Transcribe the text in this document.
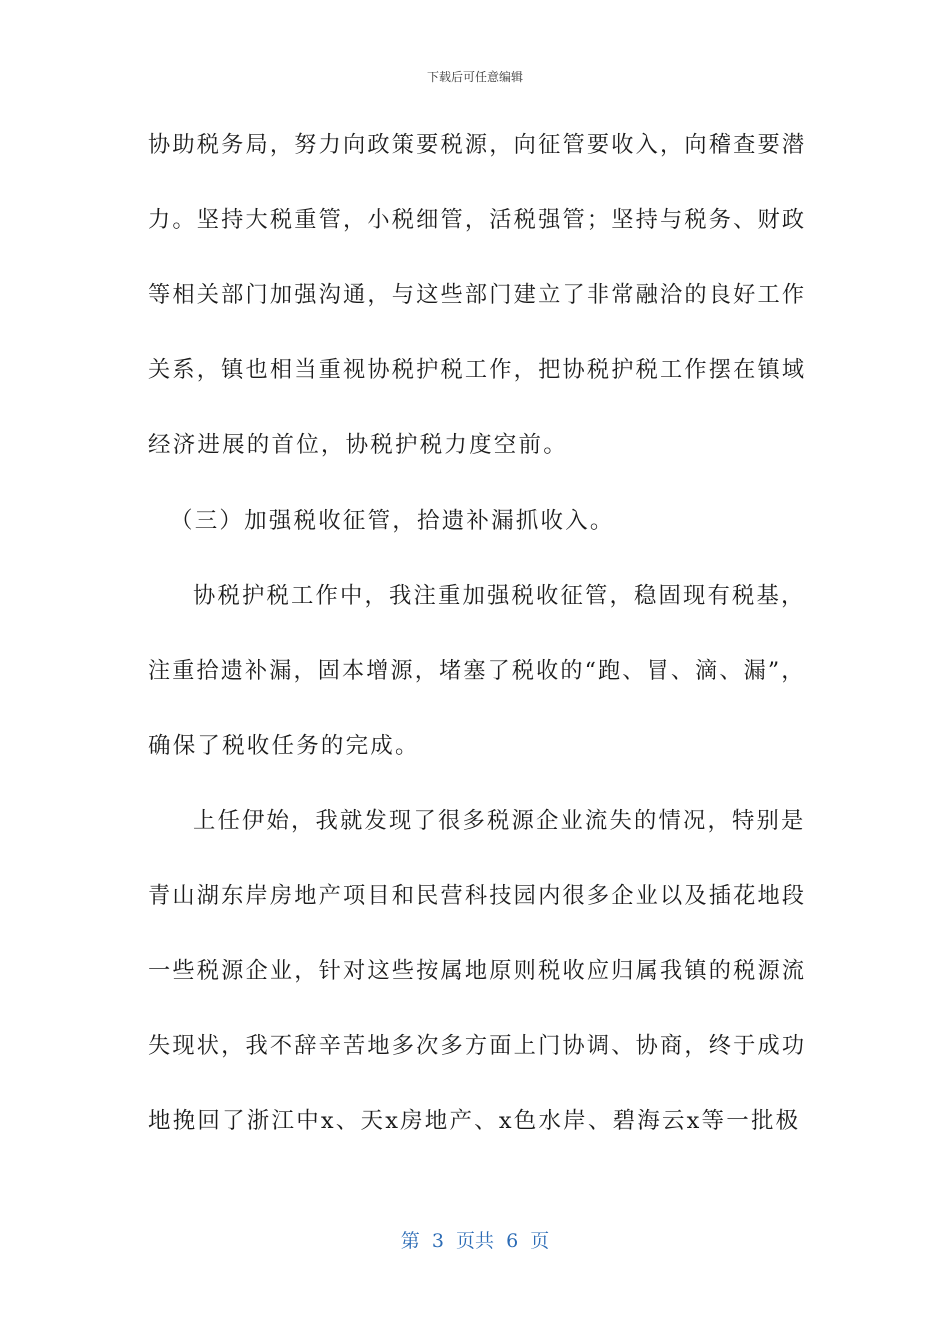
下载后可任意编辑
协助税务局，努力向政策要税源，向征管要收入，向稽查要潜
力。坚持大税重管，小税细管，活税强管；坚持与税务、财政
等相关部门加强沟通，与这些部门建立了非常融洽的良好工作
关系，镇也相当重视协税护税工作，把协税护税工作摆在镇域
经济进展的首位，协税护税力度空前。
（三）加强税收征管，拾遗补漏抓收入。
协税护税工作中，我注重加强税收征管，稳固现有税基，
注重拾遗补漏，固本增源，堵塞了税收的“跑、冒、滴、漏”，
确保了税收任务的完成。
上任伊始，我就发现了很多税源企业流失的情况，特别是
青山湖东岸房地产项目和民营科技园内很多企业以及插花地段
一些税源企业，针对这些按属地原则税收应归属我镇的税源流
失现状，我不辞辛苦地多次多方面上门协调、协商，终于成功
地挽回了浙江中x、天x房地产、x色水岸、碧海云x等一批极
第  3  页共  6  页
